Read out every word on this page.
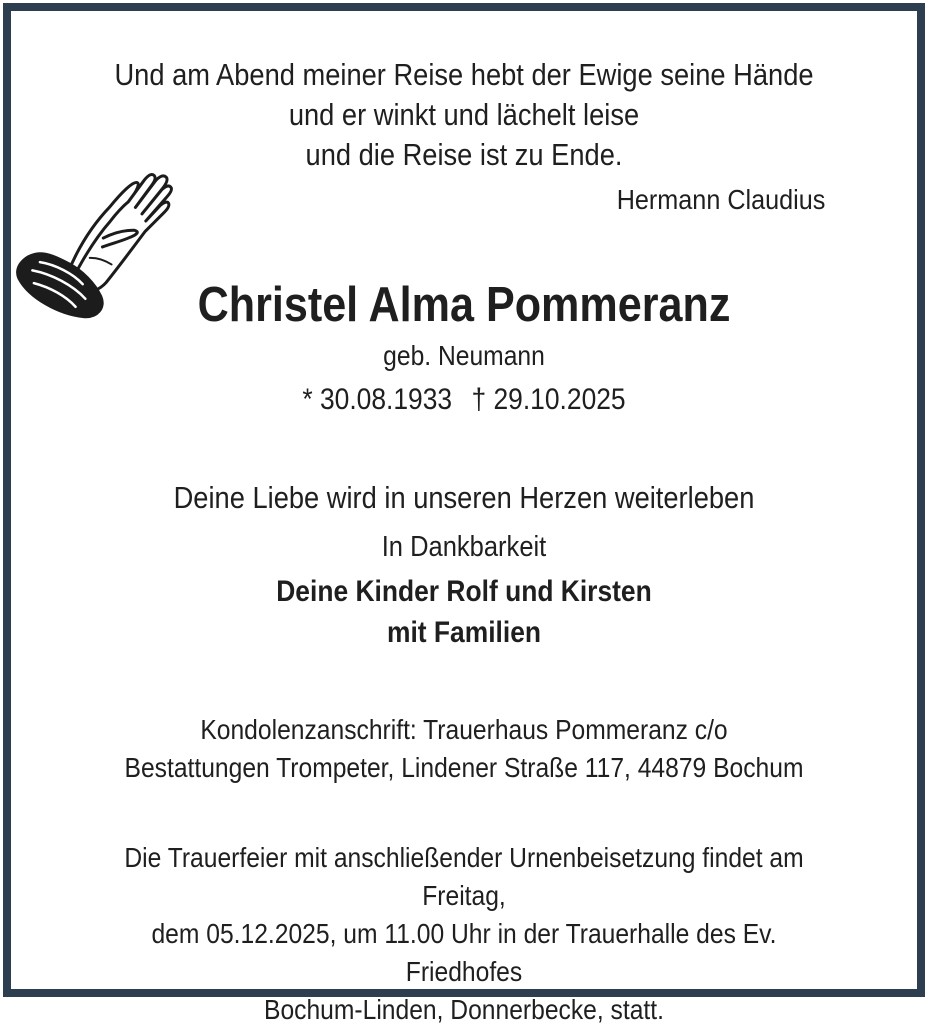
Und am Abend meiner Reise hebt der Ewige seine Hände
und er winkt und lächelt leise
und die Reise ist zu Ende.
Hermann Claudius
Christel Alma Pommeranz
geb. Neumann
* 30.08.1933 † 29.10.2025
Deine Liebe wird in unseren Herzen weiterleben
In Dankbarkeit
Deine Kinder Rolf und Kirsten
mit Familien
Kondolenzanschrift: Trauerhaus Pommeranz c/o
Bestattungen Trompeter, Lindener Straße 117, 44879 Bochum
Die Trauerfeier mit anschließender Urnenbeisetzung findet am Freitag,
dem 05.12.2025, um 11.00 Uhr in der Trauerhalle des Ev. Friedhofes
Bochum-Linden, Donnerbecke, statt.
